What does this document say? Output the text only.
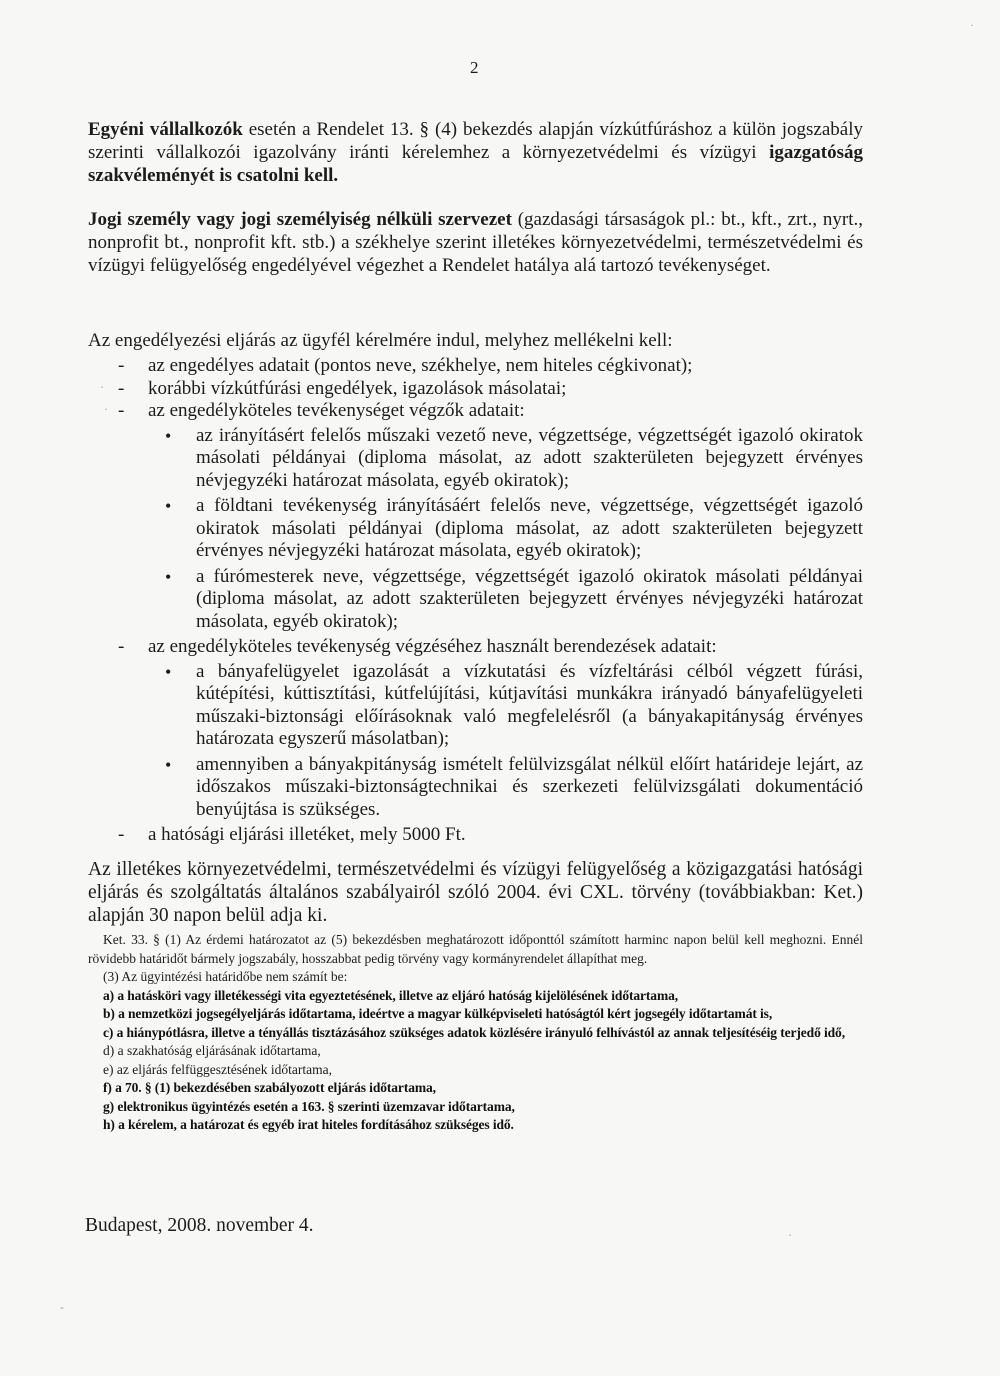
2

Egyéni vállalkozók esetén a Rendelet 13. § (4) bekezdés alapján vízkútfúráshoz a külön jogszabály szerinti vállalkozói igazolvány iránti kérelemhez a környezetvédelmi és vízügyi igazgatóság szakvéleményét is csatolni kell.

Jogi személy vagy jogi személyiség nélküli szervezet (gazdasági társaságok pl.: bt., kft., zrt., nyrt., nonprofit bt., nonprofit kft. stb.) a székhelye szerint illetékes környezetvédelmi, természetvédelmi és vízügyi felügyelőség engedélyével végezhet a Rendelet hatálya alá tartozó tevékenységet.

Az engedélyezési eljárás az ügyfél kérelmére indul, melyhez mellékelni kell:

- az engedélyes adatait (pontos neve, székhelye, nem hiteles cégkivonat);
- korábbi vízkútfúrási engedélyek, igazolások másolatai;
- az engedélyköteles tevékenységet végzők adatait:
• az irányításért felelős műszaki vezető neve, végzettsége, végzettségét igazoló okiratok másolati példányai (diploma másolat, az adott szakterületen bejegyzett érvényes névjegyzéki határozat másolata, egyéb okiratok);
• a földtani tevékenység irányításáért felelős neve, végzettsége, végzettségét igazoló okiratok másolati példányai (diploma másolat, az adott szakterületen bejegyzett érvényes névjegyzéki határozat másolata, egyéb okiratok);
• a fúrómesterek neve, végzettsége, végzettségét igazoló okiratok másolati példányai (diploma másolat, az adott szakterületen bejegyzett érvényes névjegyzéki határozat másolata, egyéb okiratok);
- az engedélyköteles tevékenység végzéséhez használt berendezések adatait:
• a bányafelügyelet igazolását a vízkutatási és vízfeltárási célból végzett fúrási, kútépítési, kúttisztítási, kútfelújítási, kútjavítási munkákra irányadó bányafelügyeleti műszaki-biztonsági előírásoknak való megfelelésről (a bányakapitányság érvényes határozata egyszerű másolatban);
• amennyiben a bányakpitányság ismételt felülvizsgálat nélkül előírt határideje lejárt, az időszakos műszaki-biztonságtechnikai és szerkezeti felülvizsgálati dokumentáció benyújtása is szükséges.
- a hatósági eljárási illetéket, mely 5000 Ft.

Az illetékes környezetvédelmi, természetvédelmi és vízügyi felügyelőség a közigazgatási hatósági eljárás és szolgáltatás általános szabályairól szóló 2004. évi CXL. törvény (továbbiakban: Ket.) alapján 30 napon belül adja ki.

Ket. 33. § (1) Az érdemi határozatot az (5) bekezdésben meghatározott időponttól számított harminc napon belül kell meghozni. Ennél rövidebb határidőt bármely jogszabály, hosszabbat pedig törvény vagy kormányrendelet állapíthat meg.

(3) Az ügyintézési határidőbe nem számít be:

a) a hatásköri vagy illetékességi vita egyeztetésének, illetve az eljáró hatóság kijelölésének időtartama,

b) a nemzetközi jogsegélyeljárás időtartama, ideértve a magyar külképviseleti hatóságtól kért jogsegély időtartamát is,

c) a hiánypótlásra, illetve a tényállás tisztázásához szükséges adatok közlésére irányuló felhívástól az annak teljesítéséig terjedő idő,

d) a szakhatóság eljárásának időtartama,

e) az eljárás felfüggesztésének időtartama,

f) a 70. § (1) bekezdésében szabályozott eljárás időtartama,

g) elektronikus ügyintézés esetén a 163. § szerinti üzemzavar időtartama,

h) a kérelem, a határozat és egyéb irat hiteles fordításához szükséges idő.

Budapest, 2008. november 4.
·
·
·
·
-
